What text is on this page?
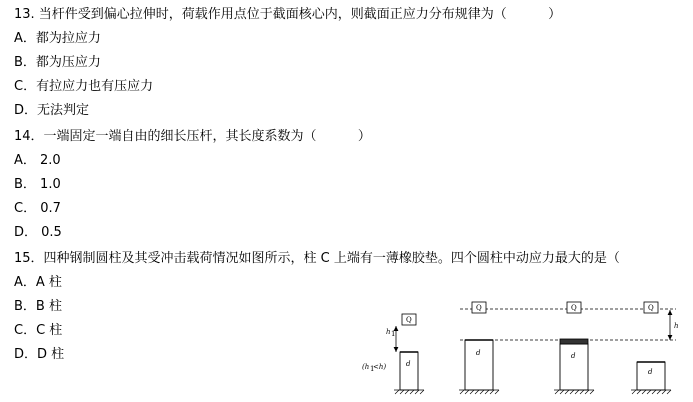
13. 当杆件受到偏心拉伸时，荷载作用点位于截面核心内，则截面正应力分布规律为（          ）
A．都为拉应力
B．都为压应力
C．有拉应力也有压应力
D．无法判定
14．一端固定一端自由的细长压杆，其长度系数为（          ）
A． 2.0
B． 1.0
C． 0.7
D． 0.5
15．四种钢制圆柱及其受冲击载荷情况如图所示，柱 C 上端有一薄橡胶垫。四个圆柱中动应力最大的是（
A．A 柱
B．B 柱
C．C 柱
D．D 柱
Q
h 1
d
(h 1
<h)
h
Q
d
Q
d
Q
d
